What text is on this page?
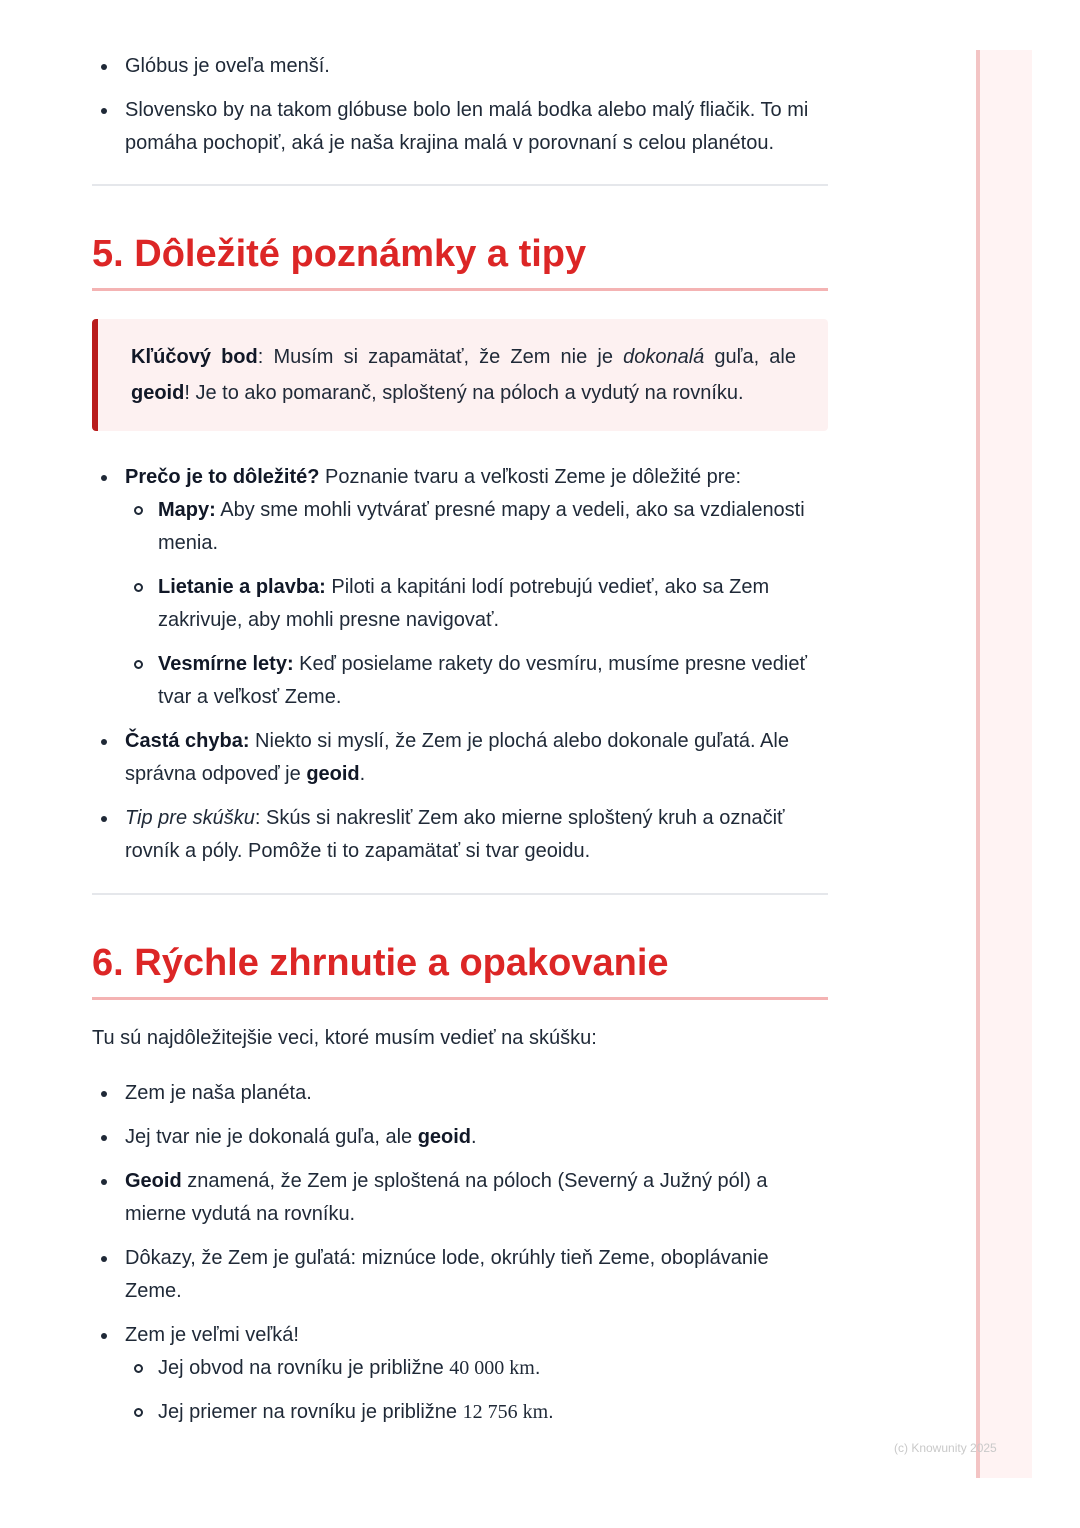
Glóbus je oveľa menší.
Slovensko by na takom glóbuse bolo len malá bodka alebo malý fliačik. To mi pomáha pochopiť, aká je naša krajina malá v porovnaní s celou planétou.
5. Dôležité poznámky a tipy
Kľúčový bod: Musím si zapamätať, že Zem nie je dokonalá guľa, ale geoid! Je to ako pomaranč, sploštený na póloch a vydutý na rovníku.
Prečo je to dôležité? Poznanie tvaru a veľkosti Zeme je dôležité pre:
Mapy: Aby sme mohli vytvárať presné mapy a vedeli, ako sa vzdialenosti menia.
Lietanie a plavba: Piloti a kapitáni lodí potrebujú vedieť, ako sa Zem zakrivuje, aby mohli presne navigovať.
Vesmírne lety: Keď posielame rakety do vesmíru, musíme presne vedieť tvar a veľkosť Zeme.
Častá chyba: Niekto si myslí, že Zem je plochá alebo dokonale guľatá. Ale správna odpoveď je geoid.
Tip pre skúšku: Skús si nakresliť Zem ako mierne sploštený kruh a označiť rovník a póly. Pomôže ti to zapamätať si tvar geoidu.
6. Rýchle zhrnutie a opakovanie

Tu sú najdôležitejšie veci, ktoré musím vedieť na skúšku:

Zem je naša planéta.
Jej tvar nie je dokonalá guľa, ale geoid.
Geoid znamená, že Zem je sploštená na póloch (Severný a Južný pól) a mierne vydutá na rovníku.
Dôkazy, že Zem je guľatá: miznúce lode, okrúhly tieň Zeme, oboplávanie Zeme.
Zem je veľmi veľká!
Jej obvod na rovníku je približne 40 000 km.
Jej priemer na rovníku je približne 12 756 km.
(c) Knowunity 2025
